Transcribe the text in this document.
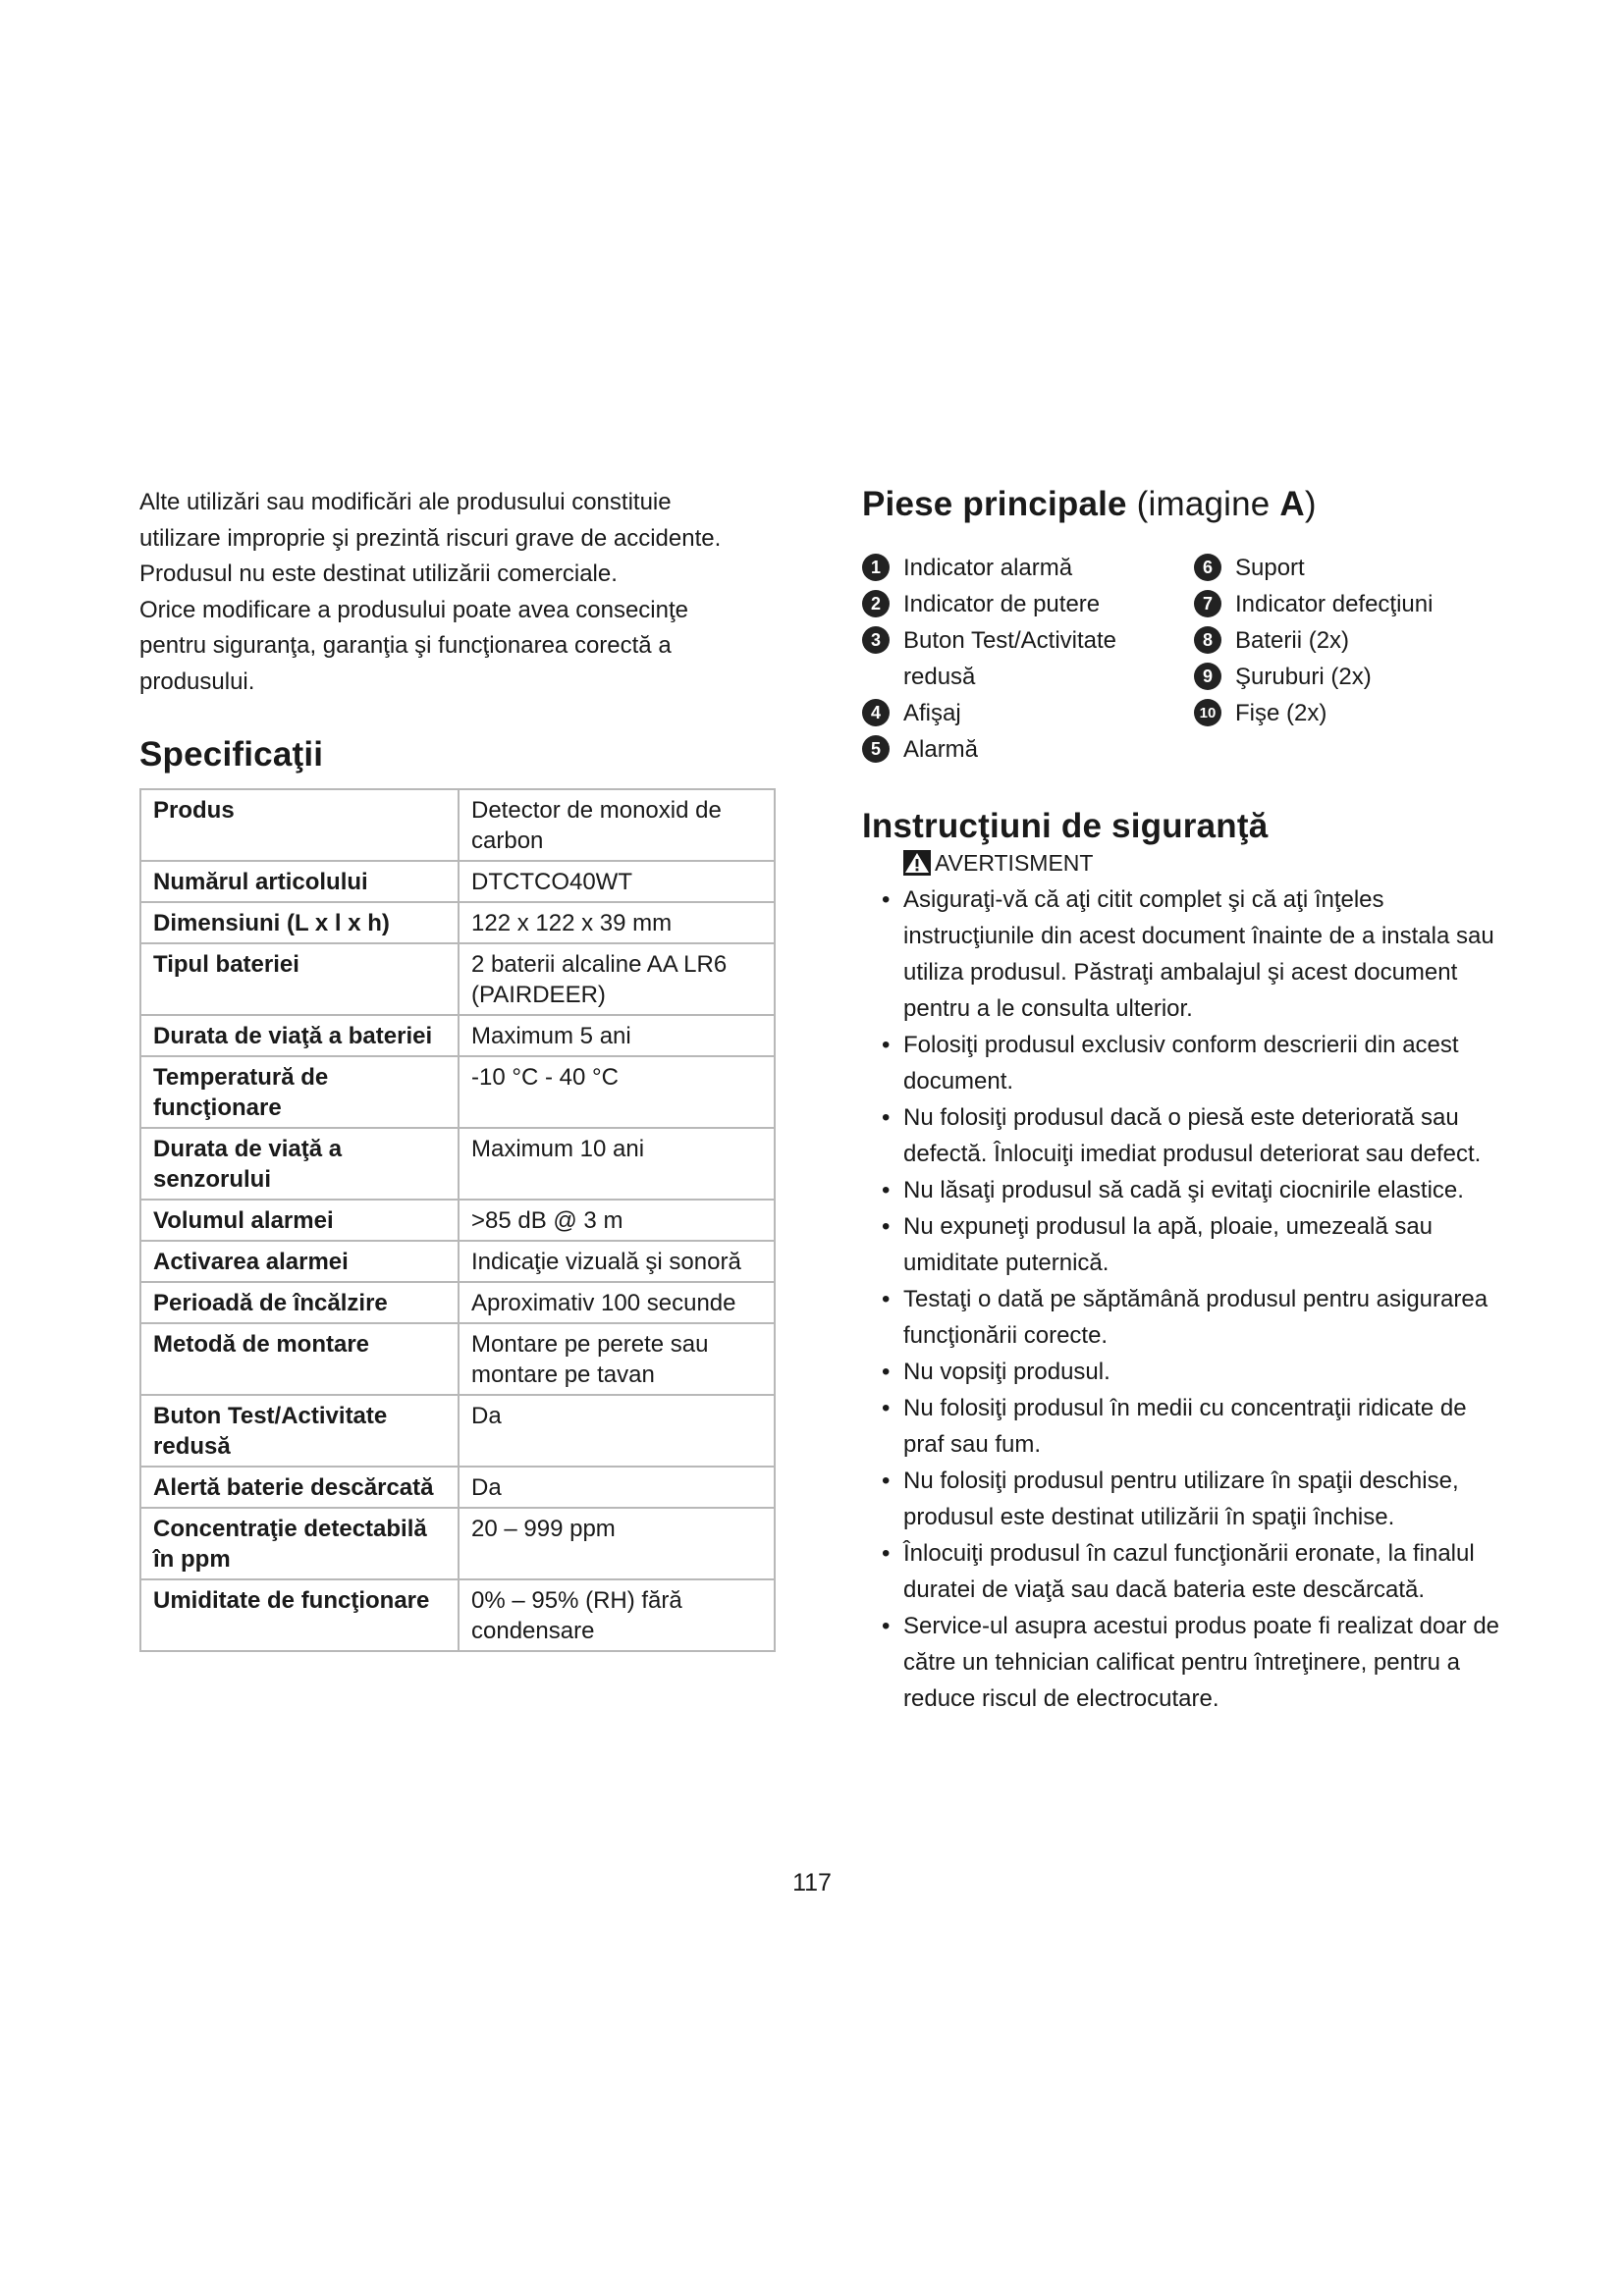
Alte utilizări sau modificări ale produsului constituie

utilizare improprie şi prezintă riscuri grave de accidente.

Produsul nu este destinat utilizării comerciale.

Orice modificare a produsului poate avea consecinţe

pentru siguranţa, garanţia şi funcţionarea corectă a

produsului.

Specificaţii
Produs	Detector de monoxid de carbon
Numărul articolului	DTCTCO40WT
Dimensiuni (L x l x h)	122 x 122 x 39 mm
Tipul bateriei	2 baterii alcaline AA LR6 (PAIRDEER)
Durata de viaţă a bateriei	Maximum 5 ani
Temperatură de funcţionare	-10 °C - 40 °C
Durata de viaţă a senzorului	Maximum 10 ani
Volumul alarmei	>85 dB @ 3 m
Activarea alarmei	Indicaţie vizuală şi sonoră
Perioadă de încălzire	Aproximativ 100 secunde
Metodă de montare	Montare pe perete sau montare pe tavan
Buton Test/Activitate redusă	Da
Alertă baterie descărcată	Da
Concentraţie detectabilă în ppm	20 – 999 ppm
Umiditate de funcţionare	0% – 95% (RH) fără condensare
Piese principale (imagine A)
1 Indicator alarmă
2 Indicator de putere
3 Buton Test/Activitate redusă
4 Afişaj
5 Alarmă
6 Suport
7 Indicator defecţiuni
8 Baterii (2x)
9 Şuruburi (2x)
10 Fişe (2x)
Instrucţiuni de siguranţă
AVERTISMENT
• Asiguraţi-vă că aţi citit complet şi că aţi înţeles instrucţiunile din acest document înainte de a instala sau utiliza produsul. Păstraţi ambalajul şi acest document pentru a le consulta ulterior.
• Folosiţi produsul exclusiv conform descrierii din acest document.
• Nu folosiţi produsul dacă o piesă este deteriorată sau defectă. Înlocuiţi imediat produsul deteriorat sau defect.
• Nu lăsaţi produsul să cadă şi evitaţi ciocnirile elastice.
• Nu expuneţi produsul la apă, ploaie, umezeală sau umiditate puternică.
• Testaţi o dată pe săptămână produsul pentru asigurarea funcţionării corecte.
• Nu vopsiţi produsul.
• Nu folosiţi produsul în medii cu concentraţii ridicate de praf sau fum.
• Nu folosiţi produsul pentru utilizare în spaţii deschise, produsul este destinat utilizării în spaţii închise.
• Înlocuiţi produsul în cazul funcţionării eronate, la finalul duratei de viaţă sau dacă bateria este descărcată.
• Service-ul asupra acestui produs poate fi realizat doar de către un tehnician calificat pentru întreţinere, pentru a reduce riscul de electrocutare.
117
